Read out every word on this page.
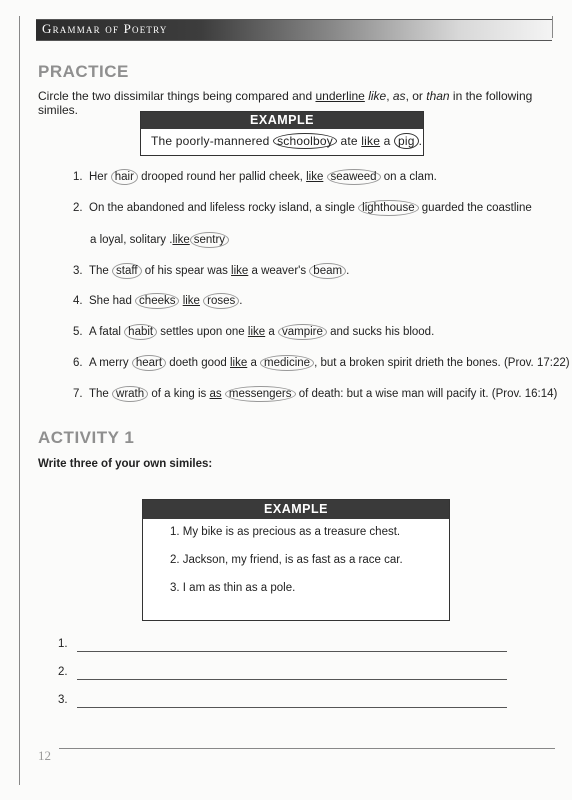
Grammar of Poetry
PRACTICE
Circle the two dissimilar things being compared and underline like, as, or than in the following similes.
EXAMPLE
The poorly-mannered schoolboy ate like a pig .
1. Her hair drooped round her pallid cheek, like seaweed on a clam.
2. On the abandoned and lifeless rocky island, a single lighthouse guarded the coastline
a loyal, solitary .like sentry
3. The staff of his spear was like a weaver's beam .
4. She had cheeks like roses .
5. A fatal habit settles upon one like a vampire and sucks his blood.
6. A merry heart doeth good like a medicine , but a broken spirit drieth the bones. (Prov. 17:22)
7. The wrath of a king is as messengers of death: but a wise man will pacify it. (Prov. 16:14)
ACTIVITY 1
Write three of your own similes:
EXAMPLE
1. My bike is as precious as a treasure chest.
2. Jackson, my friend, is as fast as a race car.
3. I am as thin as a pole.
1.
2.
3.
12
